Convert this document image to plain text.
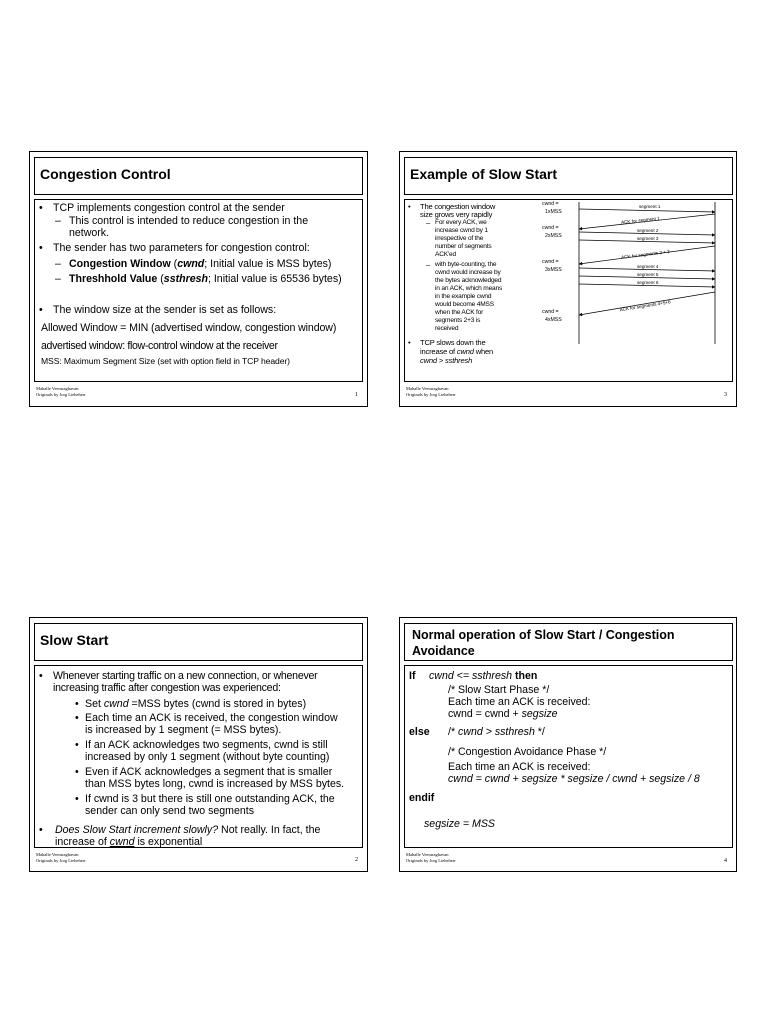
Congestion Control
• TCP implements congestion control at the sender
– This control is intended to reduce congestion in the
network.
• The sender has two parameters for congestion control:
– Congestion Window (cwnd; Initial value is MSS bytes)
– Threshhold Value (ssthresh; Initial value is 65536 bytes)
• The window size at the sender is set as follows:
Allowed Window = MIN (advertised window, congestion window)
advertised window: flow-control window at the receiver
MSS: Maximum Segment Size (set with option field in TCP header)
Mahalle Veeraraghavan
Originals by Jorg Liebeherr	1
Example of Slow Start
• The congestion window
size grows very rapidly
– For every ACK, we
increase cwnd by 1
irrespective of the
number of segments
ACK'ed
– with byte-counting, the
cwnd would increase by
the bytes acknowledged
in an ACK, which means
in the example cwnd
would become 4MSS
when the ACK for
segments 2+3 is
received
• TCP slows down the
increase of cwnd when
cwnd > ssthresh
cwnd =
1xMSS
cwnd =
2xMSS
cwnd =
3xMSS
cwnd =
4xMSS
segment 1
ACK for segment 1
segment 2
segment 3
ACK for segments 2 + 3
segment 4
segment 5
segment 6
ACK for segments 4+5+6
Mahalle Veeraraghavan
Originals by Jorg Liebeherr	3
Slow Start
• Whenever starting traffic on a new connection, or whenever
increasing traffic after congestion was experienced:
• Set cwnd =MSS bytes (cwnd is stored in bytes)
• Each time an ACK is received, the congestion window
is increased by 1 segment (= MSS bytes).
• If an ACK acknowledges two segments, cwnd is still
increased by only 1 segment (without byte counting)
• Even if ACK acknowledges a segment that is smaller
than MSS bytes long, cwnd is increased by MSS bytes.
• If cwnd is 3 but there is still one outstanding ACK, the
sender can only send two segments
• Does Slow Start increment slowly? Not really. In fact, the
increase of cwnd is exponential
Mahalle Veeraraghavan
Originals by Jorg Liebeherr	2
Normal operation of Slow Start / Congestion
Avoidance
If cwnd <= ssthresh then
/* Slow Start Phase */
Each time an ACK is received:
cwnd = cwnd + segsize
else /* cwnd > ssthresh */
/* Congestion Avoidance Phase */
Each time an ACK is received:
cwnd = cwnd + segsize * segsize / cwnd + segsize / 8
endif
segsize = MSS
Mahalle Veeraraghavan
Originals by Jorg Liebeherr	4
